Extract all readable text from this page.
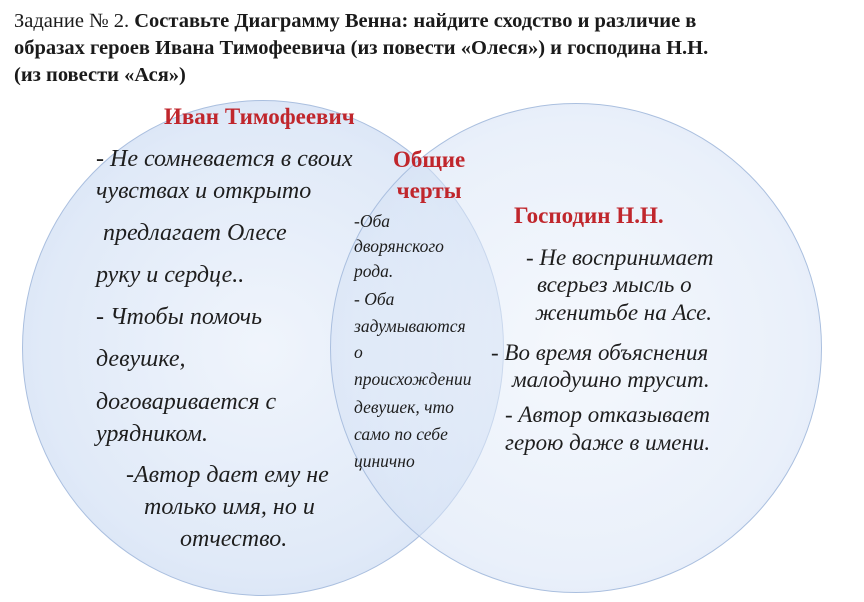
Задание № 2. Составьте Диаграмму Венна: найдите сходство и различие в
образах героев Ивана Тимофеевича (из повести «Олеся») и господина Н.Н.
(из повести «Ася»)
Иван Тимофеевич
Господин Н.Н.
Общие
черты
- Не сомневается в своих
чувствах и открыто
предлагает Олесе
руку и сердце..
- Чтобы помочь
девушке,
договаривается с
урядником.
-Автор дает ему не
только имя, но и
отчество.
-Оба
дворянского
рода.
- Оба
задумываются
о
происхождении
девушек, что
само по себе
цинично
- Не воспринимает
всерьез мысль о
женитьбе на Асе.
- Во время объяснения
малодушно трусит.
- Автор отказывает
герою даже в имени.
